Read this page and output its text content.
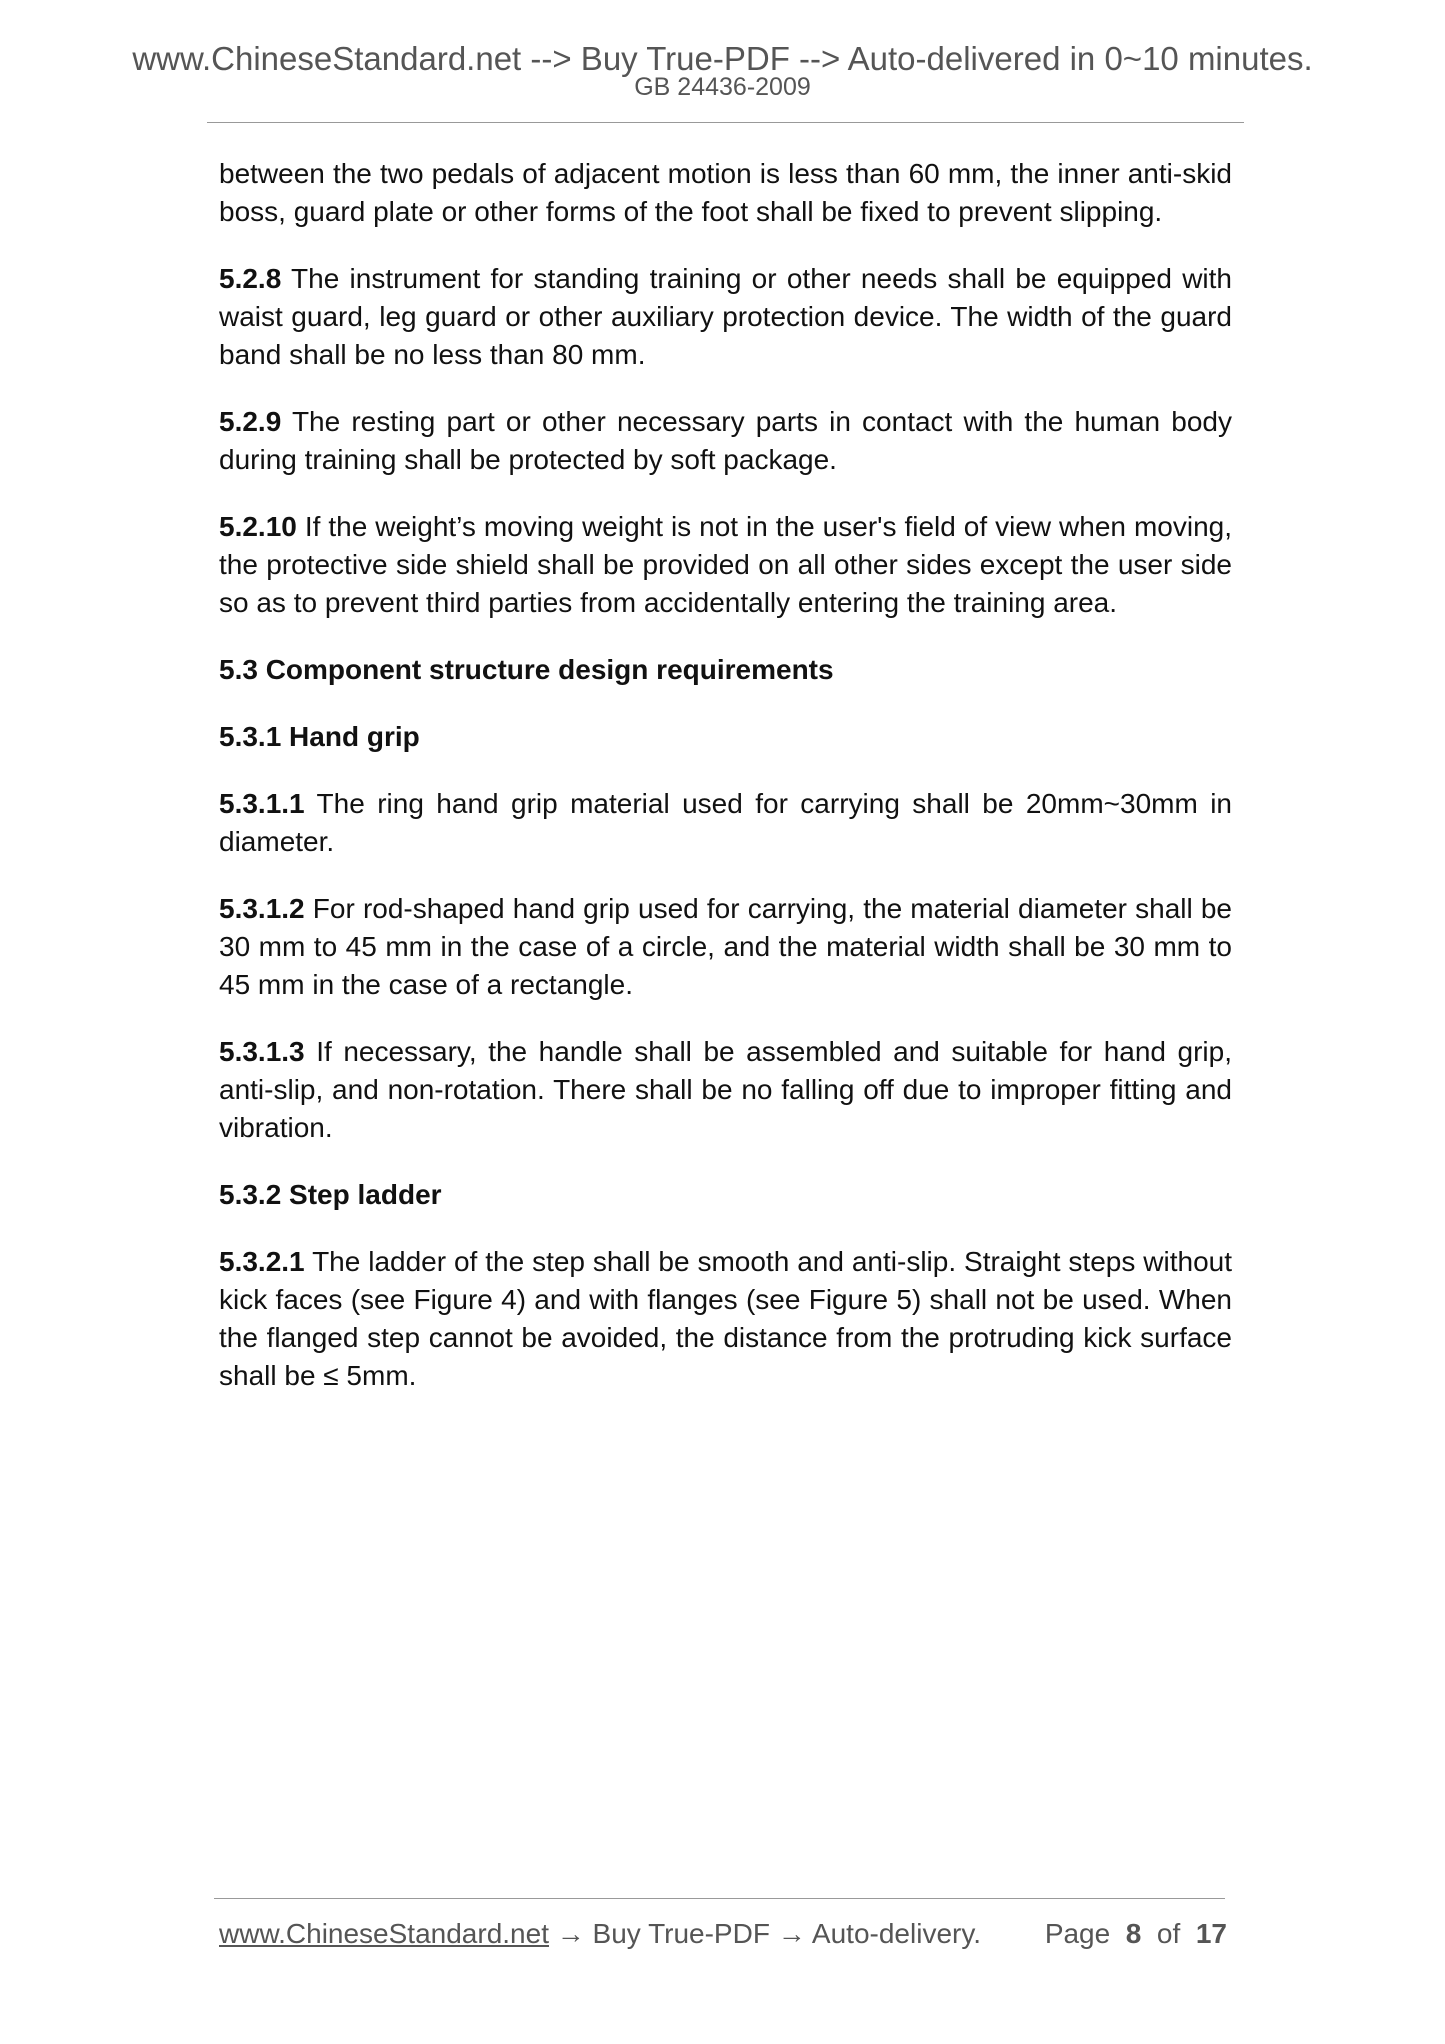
www.ChineseStandard.net --> Buy True-PDF --> Auto-delivered in 0~10 minutes.
GB 24436-2009

between the two pedals of adjacent motion is less than 60 mm, the inner anti-skid boss, guard plate or other forms of the foot shall be fixed to prevent slipping.

5.2.8 The instrument for standing training or other needs shall be equipped with waist guard, leg guard or other auxiliary protection device. The width of the guard band shall be no less than 80 mm.

5.2.9 The resting part or other necessary parts in contact with the human body during training shall be protected by soft package.

5.2.10 If the weight’s moving weight is not in the user's field of view when moving, the protective side shield shall be provided on all other sides except the user side so as to prevent third parties from accidentally entering the training area.

5.3 Component structure design requirements

5.3.1 Hand grip

5.3.1.1 The ring hand grip material used for carrying shall be 20mm~30mm in diameter.

5.3.1.2 For rod-shaped hand grip used for carrying, the material diameter shall be 30 mm to 45 mm in the case of a circle, and the material width shall be 30 mm to 45 mm in the case of a rectangle.

5.3.1.3 If necessary, the handle shall be assembled and suitable for hand grip, anti-slip, and non-rotation. There shall be no falling off due to improper fitting and vibration.

5.3.2 Step ladder

5.3.2.1 The ladder of the step shall be smooth and anti-slip. Straight steps without kick faces (see Figure 4) and with flanges (see Figure 5) shall not be used. When the flanged step cannot be avoided, the distance from the protruding kick surface shall be ≤ 5mm.

www.ChineseStandard.net → Buy True-PDF → Auto-delivery. Page 8 of 17
